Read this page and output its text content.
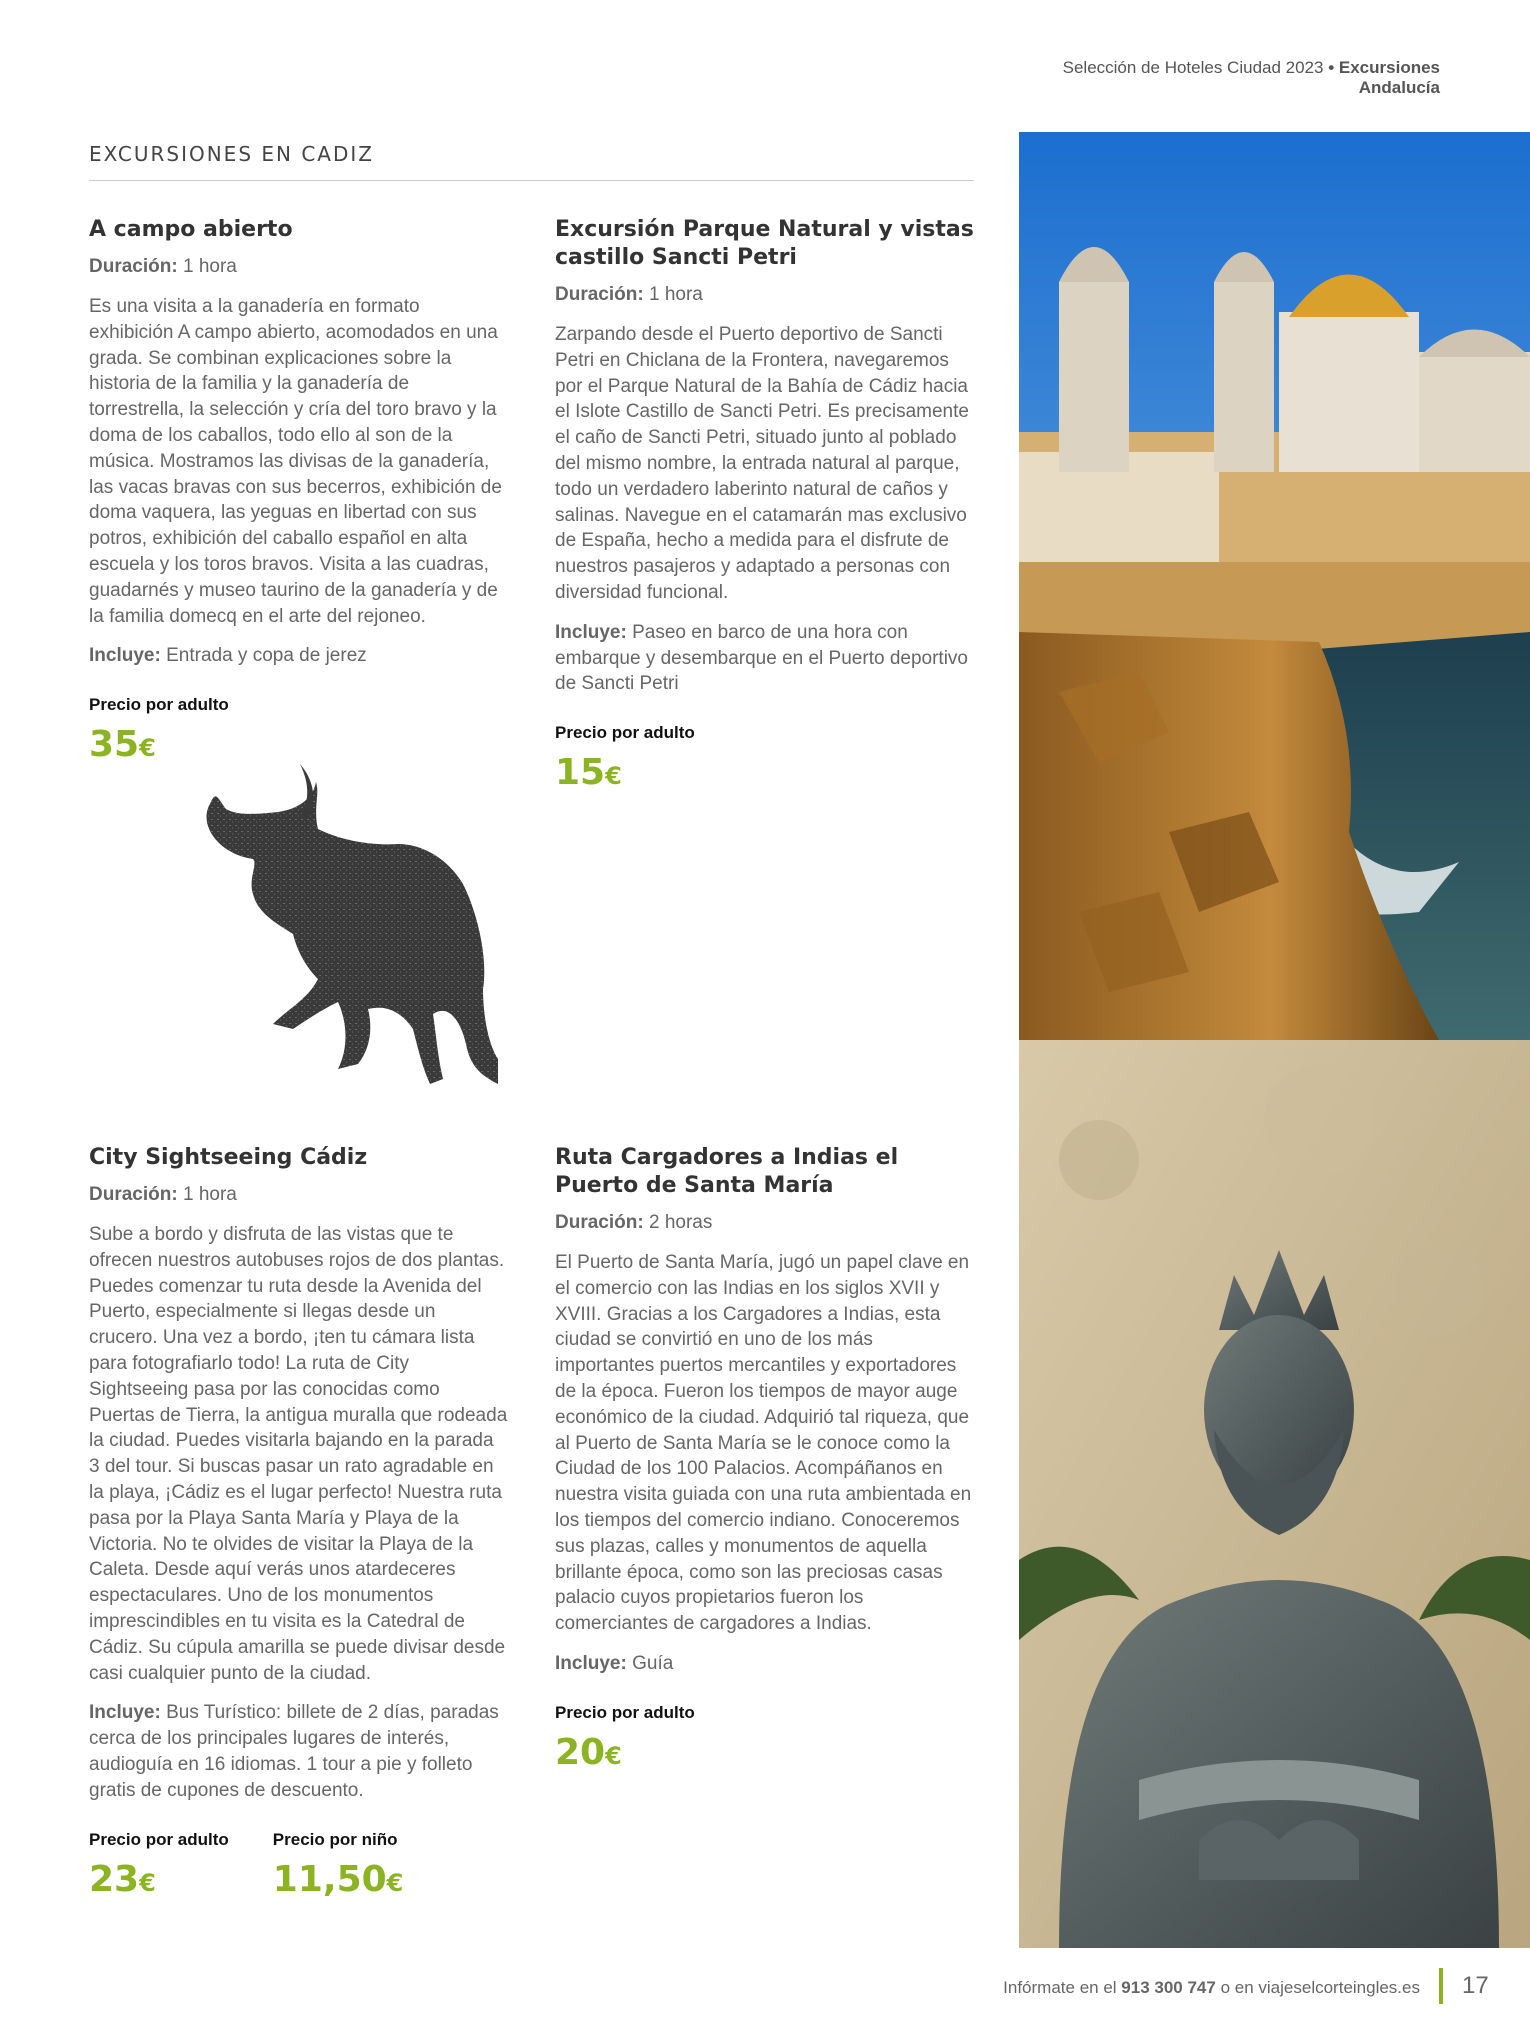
Selección de Hoteles Ciudad 2023 • Excursiones Andalucía
EXCURSIONES EN CADIZ
A campo abierto

Duración: 1 hora

Es una visita a la ganadería en formato exhibición A campo abierto, acomodados en una grada. Se combinan explicaciones sobre la historia de la familia y la ganadería de torrestrella, la selección y cría del toro bravo y la doma de los caballos, todo ello al son de la música. Mostramos las divisas de la ganadería, las vacas bravas con sus becerros, exhibición de doma vaquera, las yeguas en libertad con sus potros, exhibición del caballo español en alta escuela y los toros bravos. Visita a las cuadras, guadarnés y museo taurino de la ganadería y de la familia domecq en el arte del rejoneo.

Incluye: Entrada y copa de jerez

Precio por adulto

35€
Excursión Parque Natural y vistas castillo Sancti Petri

Duración: 1 hora

Zarpando desde el Puerto deportivo de Sancti Petri en Chiclana de la Frontera, navegaremos por el Parque Natural de la Bahía de Cádiz hacia el Islote Castillo de Sancti Petri. Es precisamente el caño de Sancti Petri, situado junto al poblado del mismo nombre, la entrada natural al parque, todo un verdadero laberinto natural de caños y salinas. Navegue en el catamarán mas exclusivo de España, hecho a medida para el disfrute de nuestros pasajeros y adaptado a personas con diversidad funcional.

Incluye: Paseo en barco de una hora con embarque y desembarque en el Puerto deportivo de Sancti Petri

Precio por adulto

15€
City Sightseeing Cádiz

Duración: 1 hora

Sube a bordo y disfruta de las vistas que te ofrecen nuestros autobuses rojos de dos plantas. Puedes comenzar tu ruta desde la Avenida del Puerto, especialmente si llegas desde un crucero. Una vez a bordo, ¡ten tu cámara lista para fotografiarlo todo! La ruta de City Sightseeing pasa por las conocidas como Puertas de Tierra, la antigua muralla que rodeada la ciudad. Puedes visitarla bajando en la parada 3 del tour. Si buscas pasar un rato agradable en la playa, ¡Cádiz es el lugar perfecto! Nuestra ruta pasa por la Playa Santa María y Playa de la Victoria. No te olvides de visitar la Playa de la Caleta. Desde aquí verás unos atardeceres espectaculares. Uno de los monumentos imprescindibles en tu visita es la Catedral de Cádiz. Su cúpula amarilla se puede divisar desde casi cualquier punto de la ciudad.

Incluye: Bus Turístico: billete de 2 días, paradas cerca de los principales lugares de interés, audioguía en 16 idiomas. 1 tour a pie y folleto gratis de cupones de descuento.

Precio por adulto

23€

Precio por niño

11,50€
Ruta Cargadores a Indias el Puerto de Santa María

Duración: 2 horas

El Puerto de Santa María, jugó un papel clave en el comercio con las Indias en los siglos XVII y XVIII. Gracias a los Cargadores a Indias, esta ciudad se convirtió en uno de los más importantes puertos mercantiles y exportadores de la época. Fueron los tiempos de mayor auge económico de la ciudad. Adquirió tal riqueza, que al Puerto de Santa María se le conoce como la Ciudad de los 100 Palacios. Acompáñanos en nuestra visita guiada con una ruta ambientada en los tiempos del comercio indiano. Conoceremos sus plazas, calles y monumentos de aquella brillante época, como son las preciosas casas palacio cuyos propietarios fueron los comerciantes de cargadores a Indias.

Incluye: Guía

Precio por adulto

20€
Infórmate en el 913 300 747 o en viajeselcorteingles.es 17
